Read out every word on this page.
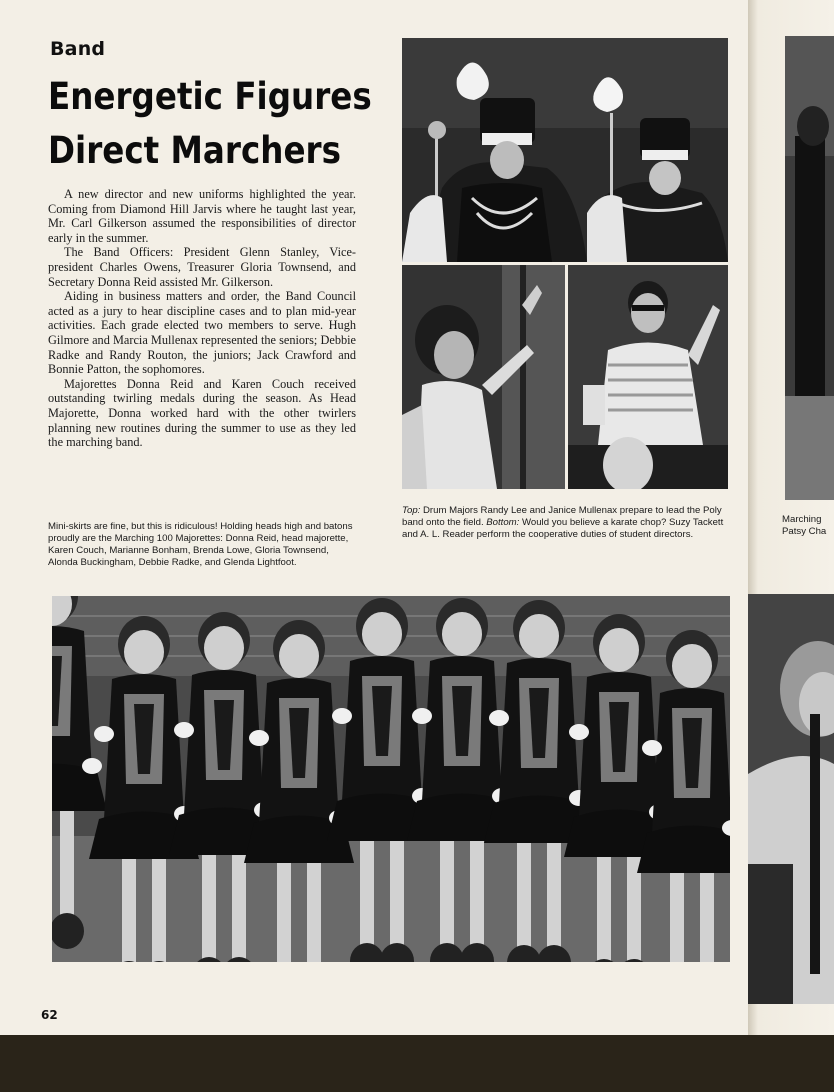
Band
Energetic Figures
Direct Marchers

A new director and new uniforms highlighted the year. Coming from Diamond Hill Jarvis where he taught last year, Mr. Carl Gilkerson assumed the responsibilities of director early in the summer.

The Band Officers: President Glenn Stanley, Vice-president Charles Owens, Treasurer Gloria Townsend, and Secretary Donna Reid assisted Mr. Gilkerson.

Aiding in business matters and order, the Band Council acted as a jury to hear discipline cases and to plan mid-year activities. Each grade elected two members to serve. Hugh Gilmore and Marcia Mullenax represented the seniors; Debbie Radke and Randy Routon, the juniors; Jack Crawford and Bonnie Patton, the sophomores.

Majorettes Donna Reid and Karen Couch received outstanding twirling medals during the season. As Head Majorette, Donna worked hard with the other twirlers planning new routines during the summer to use as they led the marching band.

Mini-skirts are fine, but this is ridiculous! Holding heads high and batons proudly are the Marching 100 Majorettes: Donna Reid, head majorette, Karen Couch, Marianne Bonham, Brenda Lowe, Gloria Townsend, Alonda Buckingham, Debbie Radke, and Glenda Lightfoot.
Top: Drum Majors Randy Lee and Janice Mullenax prepare to lead the Poly band onto the field. Bottom: Would you believe a karate chop? Suzy Tackett and A. L. Reader perform the cooperative duties of student directors.
62
Marching Patsy Cha
